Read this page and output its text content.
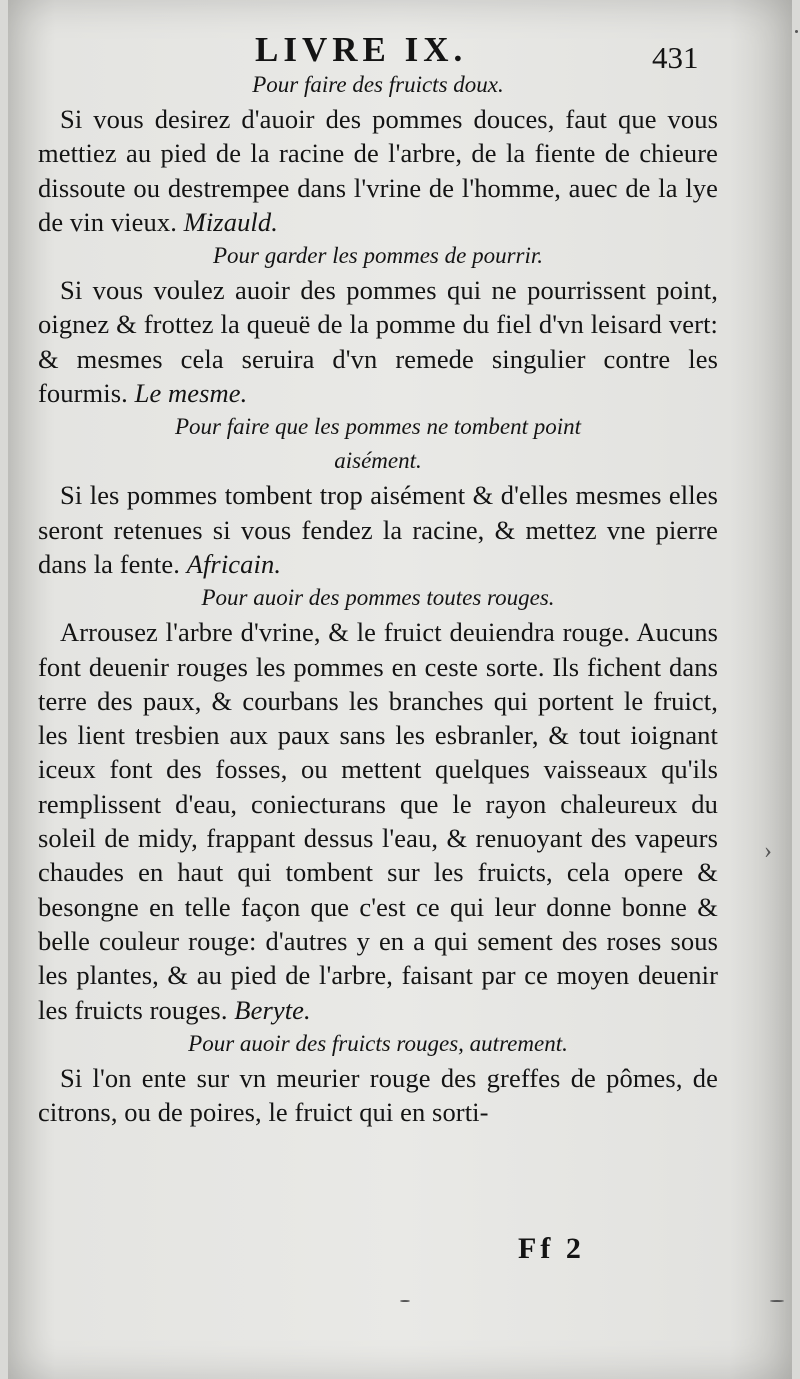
LIVRE IX.	431

Pour faire des fruicts doux.

Si vous desirez d'auoir des pommes douces, faut que vous mettiez au pied de la racine de l'arbre, de la fiente de chieure dissoute ou destrempee dans l'vrine de l'homme, auec de la lye de vin vieux. Mizauld.

Pour garder les pommes de pourrir.

Si vous voulez auoir des pommes qui ne pourrissent point, oignez & frottez la queuë de la pomme du fiel d'vn leisard vert: & mesmes cela seruira d'vn remede singulier contre les fourmis. Le mesme.

Pour faire que les pommes ne tombent point aisément.

Si les pommes tombent trop aisément & d'elles mesmes elles seront retenues si vous fendez la racine, & mettez vne pierre dans la fente. Africain.

Pour auoir des pommes toutes rouges.

Arrousez l'arbre d'vrine, & le fruict deuiendra rouge. Aucuns font deuenir rouges les pommes en ceste sorte. Ils fichent dans terre des paux, & courbans les branches qui portent le fruict, les lient tresbien aux paux sans les esbranler, & tout ioignant iceux font des fosses, ou mettent quelques vaisseaux qu'ils remplissent d'eau, coniecturans que le rayon chaleureux du soleil de midy, frappant dessus l'eau, & renuoyant des vapeurs chaudes en haut qui tombent sur les fruicts, cela opere & besongne en telle façon que c'est ce qui leur donne bonne & belle couleur rouge: d'autres y en a qui sement des roses sous les plantes, & au pied de l'arbre, faisant par ce moyen deuenir les fruicts rouges. Beryte.

Pour auoir des fruicts rouges, autrement.

Si l'on ente sur vn meurier rouge des greffes de pômes, de citrons, ou de poires, le fruict qui en sorti-

Ff 2
›
